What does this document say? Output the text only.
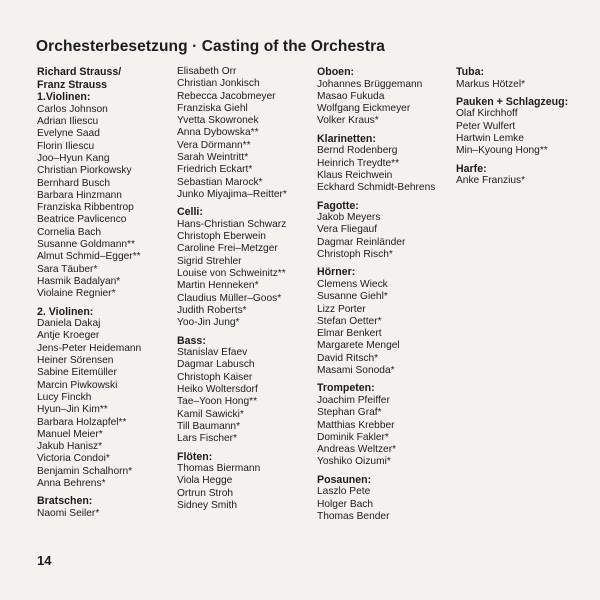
Orchesterbesetzung · Casting of the Orchestra
Richard Strauss/
Franz Strauss
1.Violinen:
Carlos Johnson
Adrian Iliescu
Evelyne Saad
Florin Iliescu
Joo–Hyun Kang
Christian Piorkowsky
Bernhard Busch
Barbara Hinzmann
Franziska Ribbentrop
Beatrice Pavlicenco
Cornelia Bach
Susanne Goldmann**
Almut Schmid–Egger**
Sara Täuber*
Hasmik Badalyan*
Violaine Regnier*
2. Violinen:
Daniela Dakaj
Antje Kroeger
Jens-Peter Heidemann
Heiner Sörensen
Sabine Eitemüller
Marcin Piwkowski
Lucy Finckh
Hyun–Jin Kim**
Barbara Holzapfel**
Manuel Meier*
Jakub Hanisz*
Victoria Condoi*
Benjamin Schalhorn*
Anna Behrens*
Bratschen:
Naomi Seiler*
Elisabeth Orr
Christian Jonkisch
Rebecca Jacobmeyer
Franziska Giehl
Yvetta Skowronek
Anna Dybowska**
Vera Dörmann**
Sarah Weintritt*
Friedrich Eckart*
Sebastian Marock*
Junko Miyajima–Reitter*
Celli:
Hans-Christian Schwarz
Christoph Eberwein
Caroline Frei–Metzger
Sigrid Strehler
Louise von Schweinitz**
Martin Henneken*
Claudius Müller–Goos*
Judith Roberts*
Yoo-Jin Jung*
Bass:
Stanislav Efaev
Dagmar Labusch
Christoph Kaiser
Heiko Woltersdorf
Tae–Yoon Hong**
Kamil Sawicki*
Till Baumann*
Lars Fischer*
Flöten:
Thomas Biermann
Viola Hegge
Ortrun Stroh
Sidney Smith
Oboen:
Johannes Brüggemann
Masao Fukuda
Wolfgang Eickmeyer
Volker Kraus*
Klarinetten:
Bernd Rodenberg
Heinrich Treydte**
Klaus Reichwein
Eckhard Schmidt-Behrens
Fagotte:
Jakob Meyers
Vera Fliegauf
Dagmar Reinländer
Christoph Risch*
Hörner:
Clemens Wieck
Susanne Giehl*
Lizz Porter
Stefan Oetter*
Elmar Benkert
Margarete Mengel
David Ritsch*
Masami Sonoda*
Trompeten:
Joachim Pfeiffer
Stephan Graf*
Matthias Krebber
Dominik Fakler*
Andreas Weltzer*
Yoshiko Oizumi*
Posaunen:
Laszlo Pete
Holger Bach
Thomas Bender
Tuba:
Markus Hötzel*
Pauken + Schlagzeug:
Olaf Kirchhoff
Peter Wulfert
Hartwin Lemke
Min–Kyoung Hong**
Harfe:
Anke Franzius*
14
